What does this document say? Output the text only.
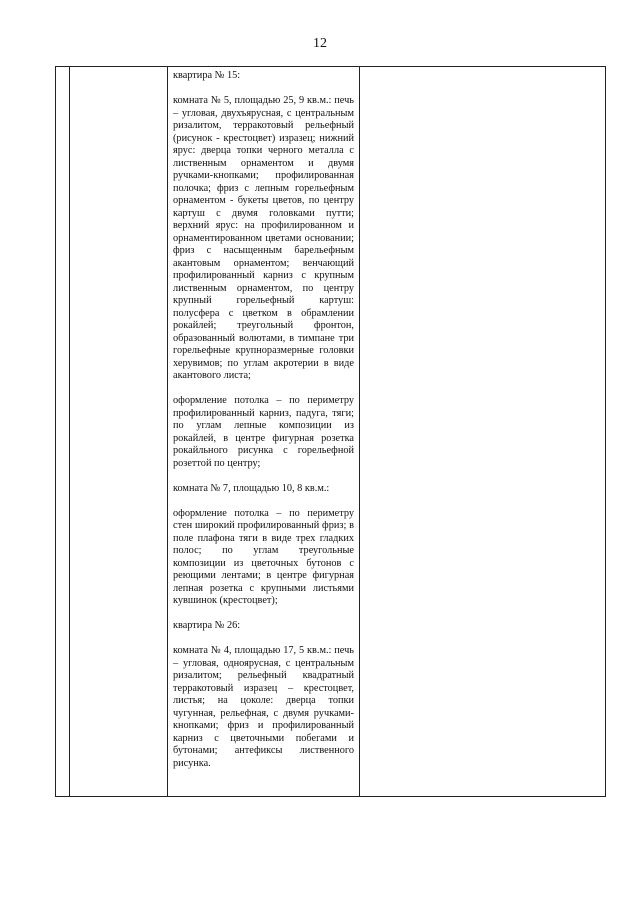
12

квартира № 15:

комната № 5, площадью 25, 9 кв.м.: печь – угловая, двухъярусная, с центральным ризалитом, терракотовый рельефный (рисунок - крестоцвет) изразец; нижний ярус: дверца топки черного металла с лиственным орнаментом и двумя ручками-кнопками; профилированная полочка; фриз с лепным горельефным орнаментом - букеты цветов, по центру картуш с двумя головками путти; верхний ярус: на профилированном и орнаментированном цветами основании; фриз с насыщенным барельефным акантовым орнаментом; венчающий профилированный карниз с крупным лиственным орнаментом, по центру крупный горельефный картуш: полусфера с цветком в обрамлении рокайлей; треугольный фронтон, образованный волютами, в тимпане три горельефные крупноразмерные головки херувимов; по углам акротерии в виде акантового листа;

оформление потолка – по периметру профилированный карниз, падуга, тяги; по углам лепные композиции из рокайлей, в центре фигурная розетка рокайльного рисунка с горельефной розеттой по центру;

комната № 7, площадью 10, 8 кв.м.:

оформление потолка – по периметру стен широкий профилированный фриз; в поле плафона тяги в виде трех гладких полос; по углам треугольные композиции из цветочных бутонов с реющими лентами; в центре фигурная лепная розетка с крупными листьями кувшинок (крестоцвет);

квартира № 26:

комната № 4, площадью 17, 5 кв.м.: печь – угловая, одноярусная, с центральным ризалитом; рельефный квадратный терракотовый изразец – крестоцвет, листья; на цоколе: дверца топки чугунная, рельефная, с двумя ручками-кнопками; фриз и профилированный карниз с цветочными побегами и бутонами; антефиксы лиственного рисунка.
